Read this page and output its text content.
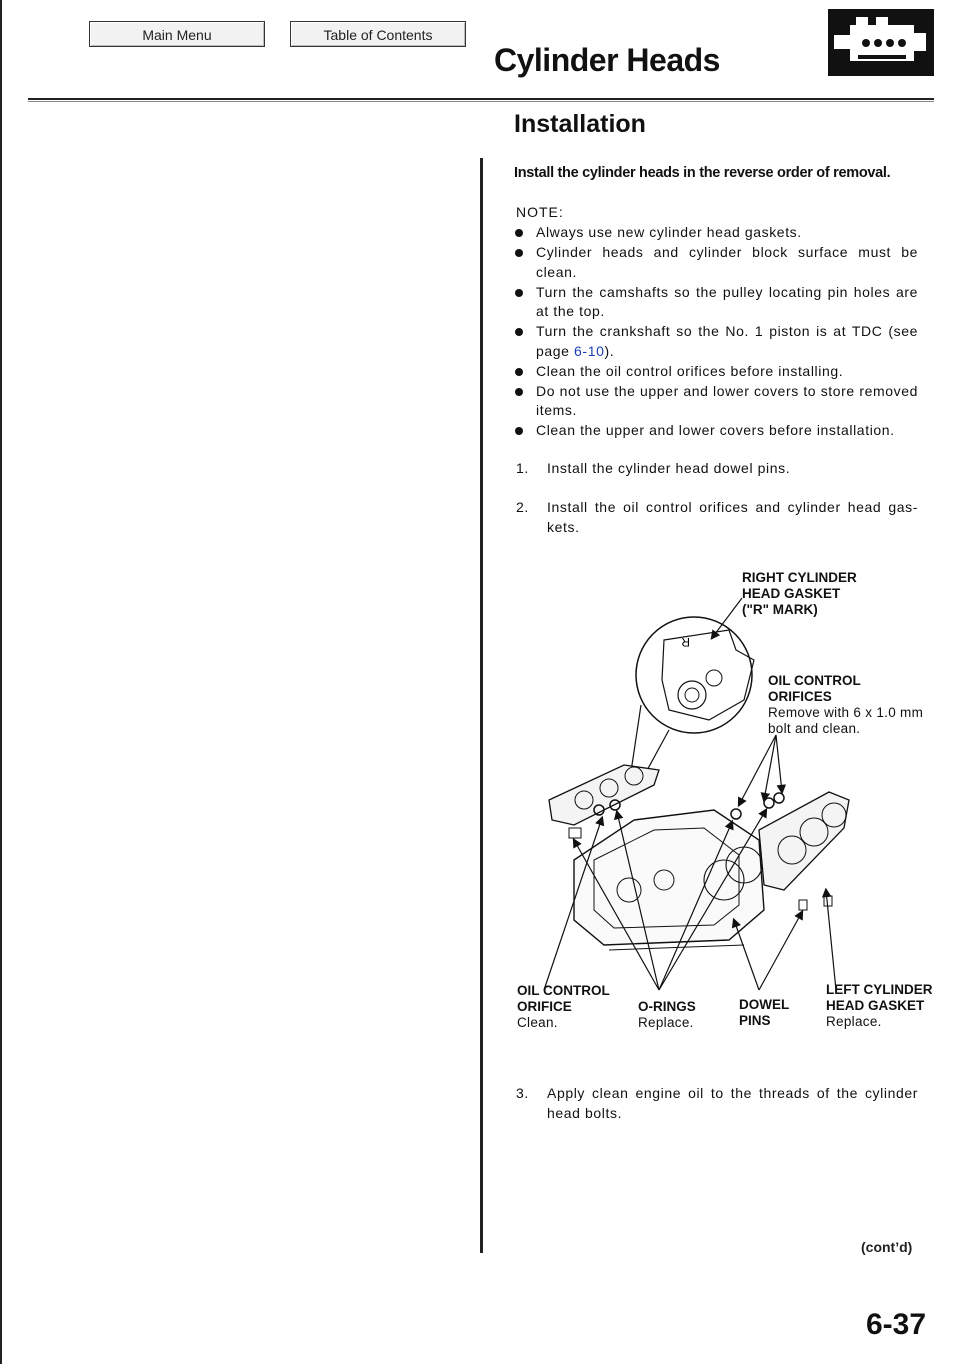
Main Menu	Table of Contents
Cylinder Heads
Installation
Install the cylinder heads in the reverse order of removal.
NOTE:
Always use new cylinder head gaskets.
Cylinder heads and cylinder block surface must be clean.
Turn the camshafts so the pulley locating pin holes are at the top.
Turn the crankshaft so the No. 1 piston is at TDC (see page 6-10).
Clean the oil control orifices before installing.
Do not use the upper and lower covers to store removed items.
Clean the upper and lower covers before installation.
1.	Install the cylinder head dowel pins.
2.	Install the oil control orifices and cylinder head gas-kets.
R
RIGHT CYLINDER
HEAD GASKET
("R" MARK)
OIL CONTROL
ORIFICES
Remove with 6 x 1.0 mm
bolt and clean.
OIL CONTROL
ORIFICE
Clean.
O-RINGS
Replace.
DOWEL
PINS
LEFT CYLINDER
HEAD GASKET
Replace.
3.	Apply clean engine oil to the threads of the cylinder head bolts.
(cont’d)
6-37
